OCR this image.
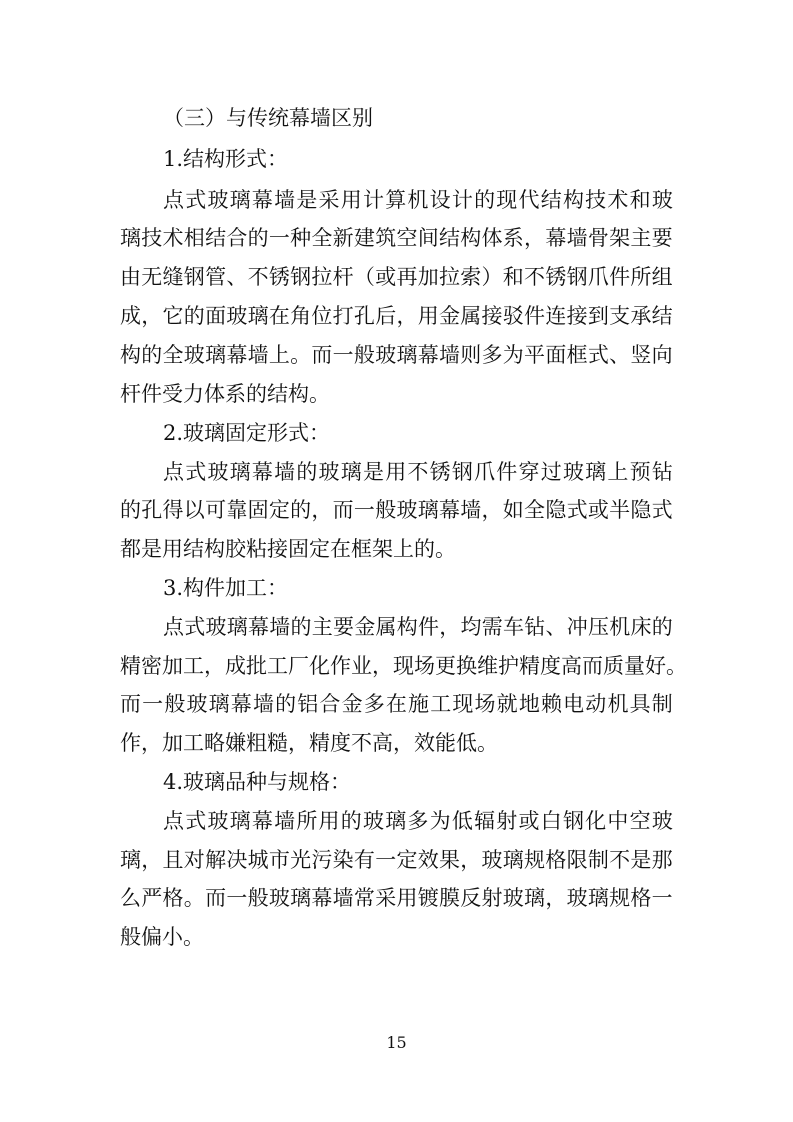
（三）与传统幕墙区别
1.结构形式：
点 式 玻 璃 幕 墙 是 采 用 计 算 机 设 计 的 现 代 结 构 技 术 和 玻
璃 技 术 相 结 合 的 一 种 全 新 建 筑 空 间 结 构 体 系 ， 幕 墙 骨 架 主 要
由 无 缝 钢 管 、 不 锈 钢 拉 杆 （ 或 再 加 拉 索 ） 和 不 锈 钢 爪 件 所 组
成 ， 它 的 面 玻 璃 在 角 位 打 孔 后 ， 用 金 属 接 驳 件 连 接 到 支 承 结
构 的 全 玻 璃 幕 墙 上 。 而 一 般 玻 璃 幕 墙 则 多 为 平 面 框 式 、 竖 向
杆件受力体系的结构。
2.玻璃固定形式：
点 式 玻 璃 幕 墙 的 玻 璃 是 用 不 锈 钢 爪 件 穿 过 玻 璃 上 预 钻
的 孔 得 以 可 靠 固 定 的 ， 而 一 般 玻 璃 幕 墙 ， 如 全 隐 式 或 半 隐 式
都是用结构胶粘接固定在框架上的。
3.构件加工：
点 式 玻 璃 幕 墙 的 主 要 金 属 构 件 ， 均 需 车 钻 、 冲 压 机 床 的
精 密 加 工 ， 成 批 工 厂 化 作 业 ， 现 场 更 换 维 护 精 度 高 而 质 量 好 。
而 一 般 玻 璃 幕 墙 的 铝 合 金 多 在 施 工 现 场 就 地 赖 电 动 机 具 制
作，加工略嫌粗糙，精度不高，效能低。
4.玻璃品种与规格：
点 式 玻 璃 幕 墙 所 用 的 玻 璃 多 为 低 辐 射 或 白 钢 化 中 空 玻
璃 ， 且 对 解 决 城 市 光 污 染 有 一 定 效 果 ， 玻 璃 规 格 限 制 不 是 那
么 严 格 。 而 一 般 玻 璃 幕 墙 常 采 用 镀 膜 反 射 玻 璃 ， 玻 璃 规 格 一
般偏小。
15
